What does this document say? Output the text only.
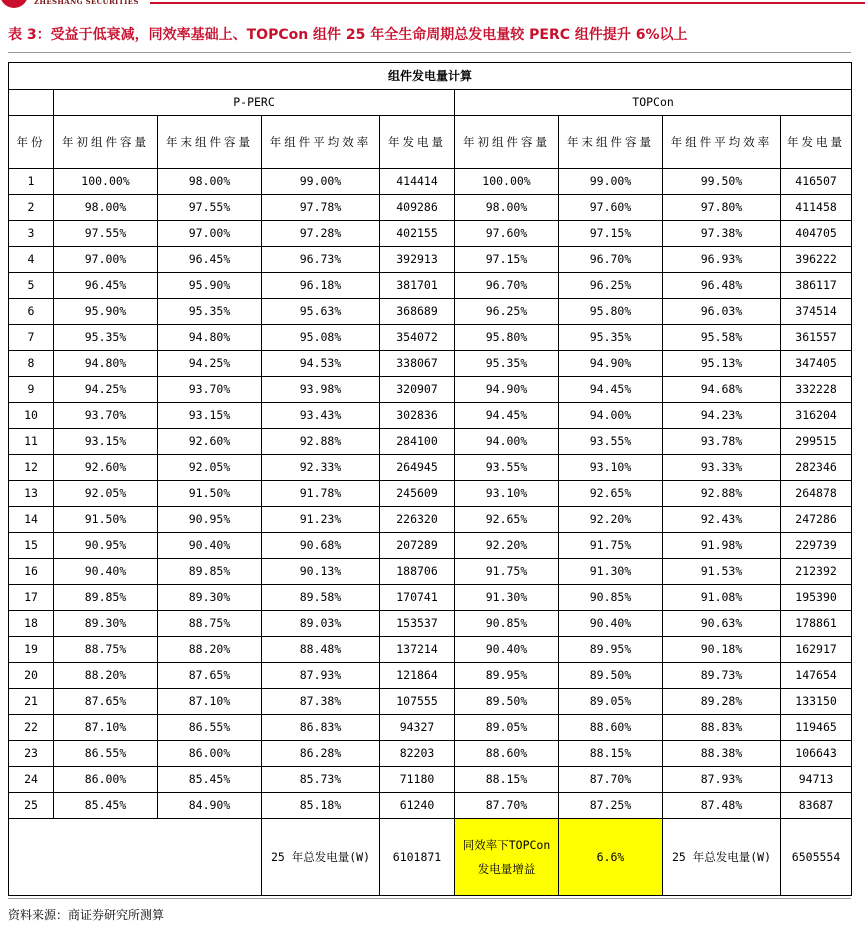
ZHESHANG SECURITIES
表 3：受益于低衰减，同效率基础上、TOPCon 组件 25 年全生命周期总发电量较 PERC 组件提升 6%以上
组件发电量计算								
	P-PERC				TOPCon			
年份	年初组件容量	年末组件容量	年组件平均效率	年发电量	年初组件容量	年末组件容量	年组件平均效率	年发电量
1	100.00%	98.00%	99.00%	414414	100.00%	99.00%	99.50%	416507
2	98.00%	97.55%	97.78%	409286	98.00%	97.60%	97.80%	411458
3	97.55%	97.00%	97.28%	402155	97.60%	97.15%	97.38%	404705
4	97.00%	96.45%	96.73%	392913	97.15%	96.70%	96.93%	396222
5	96.45%	95.90%	96.18%	381701	96.70%	96.25%	96.48%	386117
6	95.90%	95.35%	95.63%	368689	96.25%	95.80%	96.03%	374514
7	95.35%	94.80%	95.08%	354072	95.80%	95.35%	95.58%	361557
8	94.80%	94.25%	94.53%	338067	95.35%	94.90%	95.13%	347405
9	94.25%	93.70%	93.98%	320907	94.90%	94.45%	94.68%	332228
10	93.70%	93.15%	93.43%	302836	94.45%	94.00%	94.23%	316204
11	93.15%	92.60%	92.88%	284100	94.00%	93.55%	93.78%	299515
12	92.60%	92.05%	92.33%	264945	93.55%	93.10%	93.33%	282346
13	92.05%	91.50%	91.78%	245609	93.10%	92.65%	92.88%	264878
14	91.50%	90.95%	91.23%	226320	92.65%	92.20%	92.43%	247286
15	90.95%	90.40%	90.68%	207289	92.20%	91.75%	91.98%	229739
16	90.40%	89.85%	90.13%	188706	91.75%	91.30%	91.53%	212392
17	89.85%	89.30%	89.58%	170741	91.30%	90.85%	91.08%	195390
18	89.30%	88.75%	89.03%	153537	90.85%	90.40%	90.63%	178861
19	88.75%	88.20%	88.48%	137214	90.40%	89.95%	90.18%	162917
20	88.20%	87.65%	87.93%	121864	89.95%	89.50%	89.73%	147654
21	87.65%	87.10%	87.38%	107555	89.50%	89.05%	89.28%	133150
22	87.10%	86.55%	86.83%	94327	89.05%	88.60%	88.83%	119465
23	86.55%	86.00%	86.28%	82203	88.60%	88.15%	88.38%	106643
24	86.00%	85.45%	85.73%	71180	88.15%	87.70%	87.93%	94713
25	85.45%	84.90%	85.18%	61240	87.70%	87.25%	87.48%	83687
			25 年总发电量(W)	6101871	同效率下TOPCon 发电量增益	6.6%	25 年总发电量(W)	6505554
资料来源：商证券研究所测算
